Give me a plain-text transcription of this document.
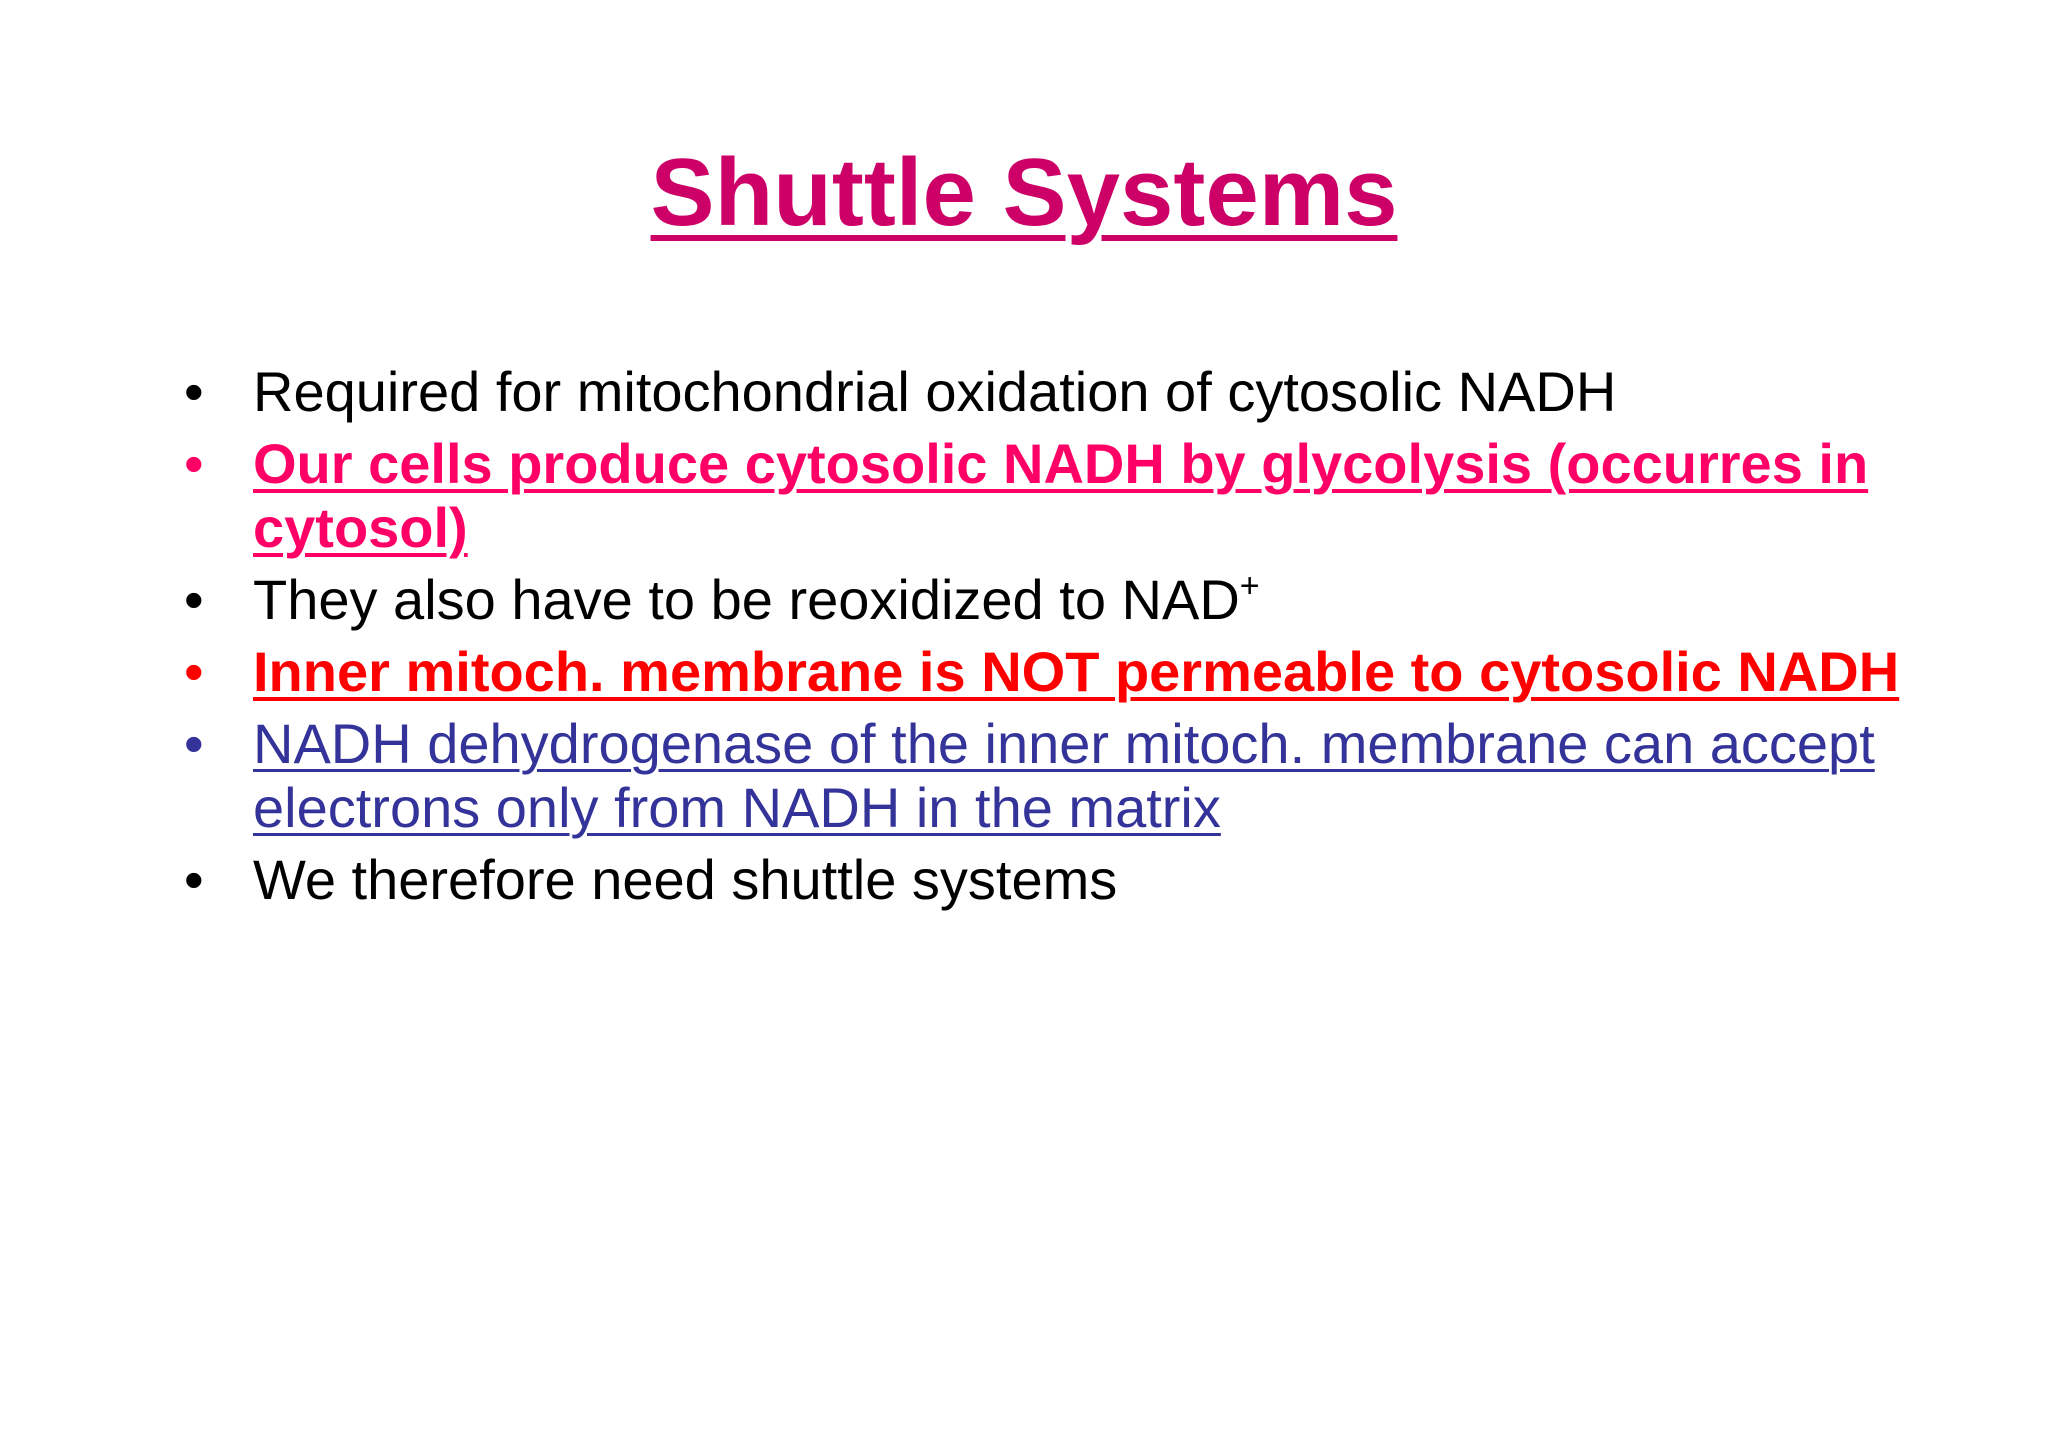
Shuttle Systems
• Required for mitochondrial oxidation of cytosolic NADH
• Our cells produce cytosolic NADH by glycolysis (occurres in cytosol)
• They also have to be reoxidized to NAD+
• Inner mitoch. membrane is NOT permeable to cytosolic NADH
• NADH dehydrogenase of the inner mitoch. membrane can accept electrons only from NADH in the matrix
• We therefore need shuttle systems
